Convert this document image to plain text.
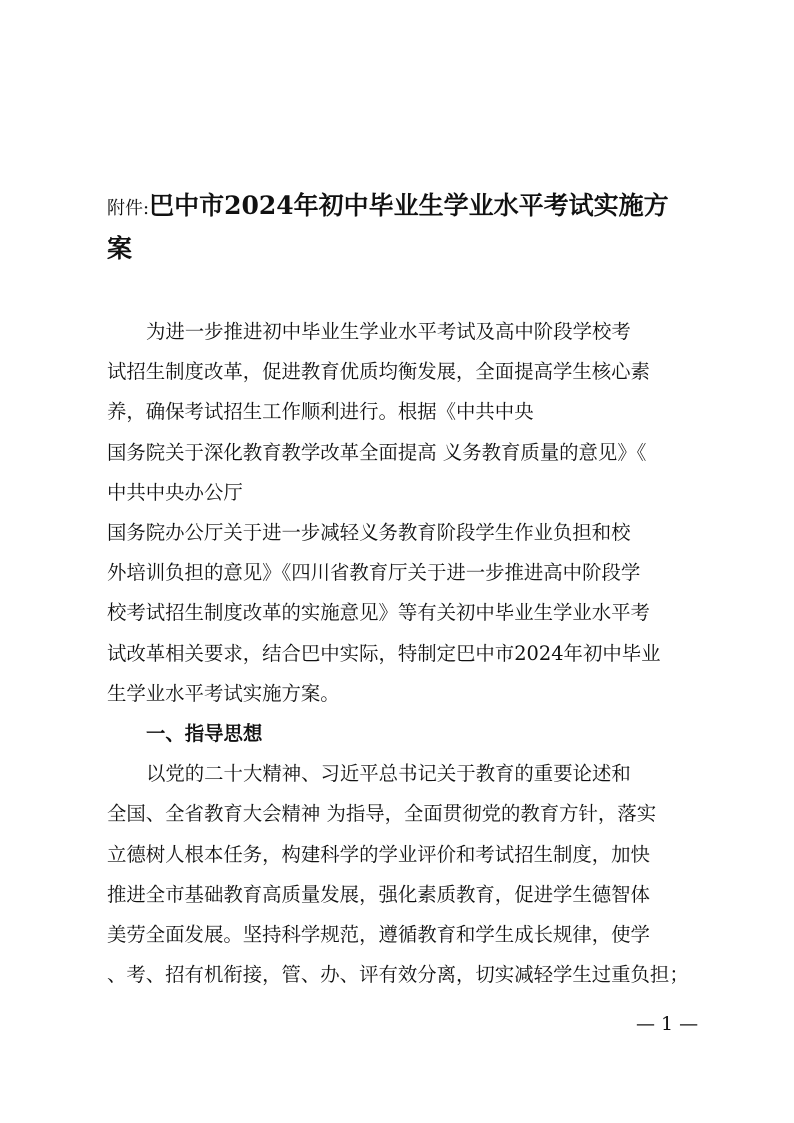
附件:巴中市2024年初中毕业生学业水平考试实施方
案

为进一步推进初中毕业生学业水平考试及高中阶段学校考
试招生制度改革，促进教育优质均衡发展，全面提高学生核心素
养，确保考试招生工作顺利进行。根据《中共中央
国务院关于深化教育教学改革全面提高 义务教育质量的意见》《
中共中央办公厅
国务院办公厅关于进一步减轻义务教育阶段学生作业负担和校
外培训负担的意见》《四川省教育厅关于进一步推进高中阶段学
校考试招生制度改革的实施意见》等有关初中毕业生学业水平考
试改革相关要求，结合巴中实际，特制定巴中市2024年初中毕业
生学业水平考试实施方案。

一、指导思想
以党的二十大精神、习近平总书记关于教育的重要论述和
全国、全省教育大会精神 为指导，全面贯彻党的教育方针，落实
立德树人根本任务，构建科学的学业评价和考试招生制度，加快
推进全市基础教育高质量发展，强化素质教育，促进学生德智体
美劳全面发展。坚持科学规范，遵循教育和学生成长规律，使学
、考、招有机衔接，管、办、评有效分离，切实减轻学生过重负担；

— 1 —
